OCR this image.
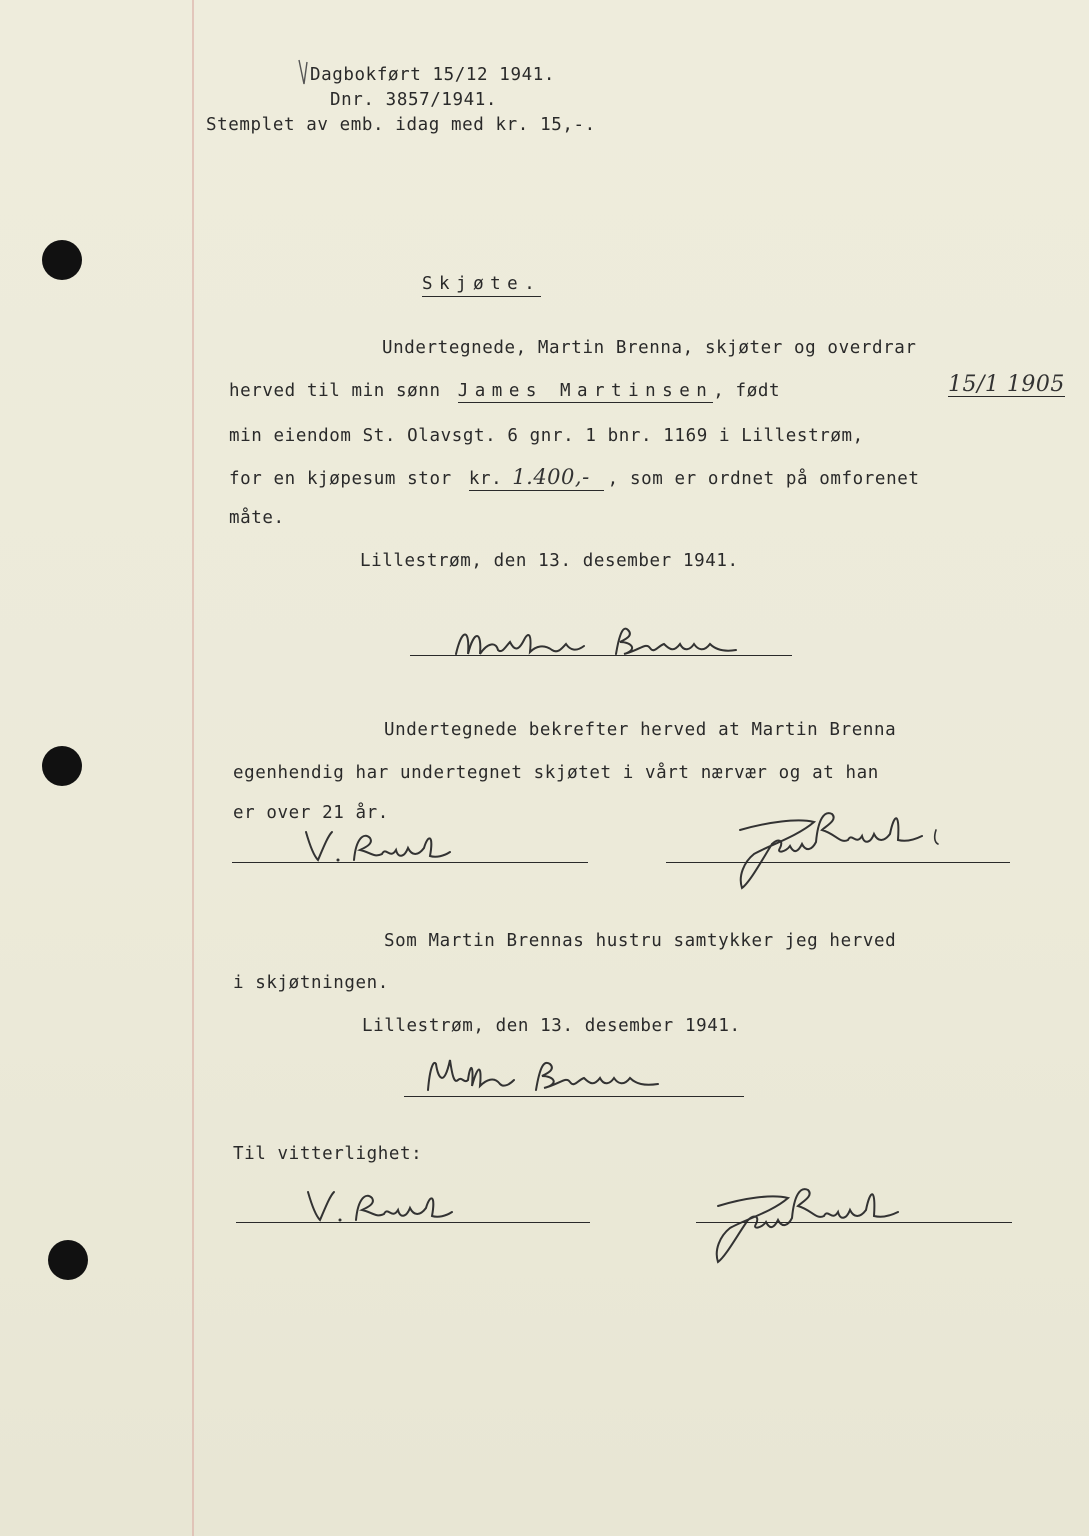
Dagbokført 15/12 1941.
Dnr. 3857/1941.
Stemplet av emb. idag med kr. 15,-.
Skjøte.
Undertegnede, Martin Brenna, skjøter og overdrar
herved til min sønn James Martinsen, født	15/1 1905
min eiendom St. Olavsgt. 6 gnr. 1 bnr. 1169 i Lillestrøm,
for en kjøpesum stor kr. 1.400,- , som er ordnet på omforenet
måte.
Lillestrøm, den 13. desember 1941.
Undertegnede bekrefter herved at Martin Brenna
egenhendig har undertegnet skjøtet i vårt nærvær og at han
er over 21 år.
Som Martin Brennas hustru samtykker jeg herved
i skjøtningen.
Lillestrøm, den 13. desember 1941.
Til vitterlighet:
